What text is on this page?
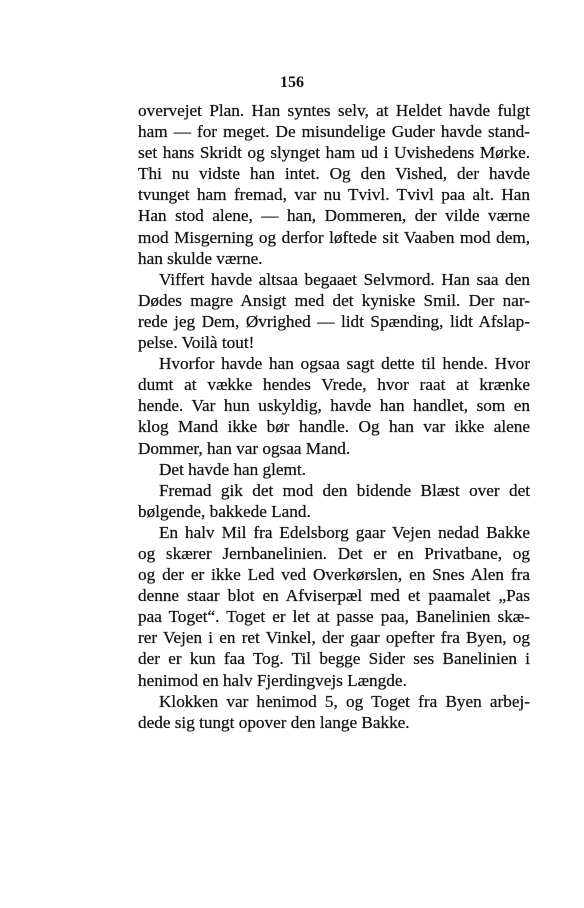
156
overvejet Plan. Han syntes selv, at Heldet havde fulgt
ham — for meget. De misundelige Guder havde stand-
set hans Skridt og slynget ham ud i Uvishedens Mørke.
Thi nu vidste han intet. Og den Vished, der havde
tvunget ham fremad, var nu Tvivl. Tvivl paa alt. Han
Han stod alene, — han, Dommeren, der vilde værne
mod Misgerning og derfor løftede sit Vaaben mod dem,
han skulde værne.
Viffert havde altsaa begaaet Selvmord. Han saa den
Dødes magre Ansigt med det kyniske Smil. Der nar-
rede jeg Dem, Øvrighed — lidt Spænding, lidt Afslap-
pelse. Voilà tout!
Hvorfor havde han ogsaa sagt dette til hende. Hvor
dumt at vække hendes Vrede, hvor raat at krænke
hende. Var hun uskyldig, havde han handlet, som en
klog Mand ikke bør handle. Og han var ikke alene
Dommer, han var ogsaa Mand.
Det havde han glemt.
Fremad gik det mod den bidende Blæst over det
bølgende, bakkede Land.
En halv Mil fra Edelsborg gaar Vejen nedad Bakke
og skærer Jernbanelinien. Det er en Privatbane, og
og der er ikke Led ved Overkørslen, en Snes Alen fra
denne staar blot en Afviserpæl med et paamalet „Pas
paa Toget“. Toget er let at passe paa, Banelinien skæ-
rer Vejen i en ret Vinkel, der gaar opefter fra Byen, og
der er kun faa Tog. Til begge Sider ses Banelinien i
henimod en halv Fjerdingvejs Længde.
Klokken var henimod 5, og Toget fra Byen arbej-
dede sig tungt opover den lange Bakke.
